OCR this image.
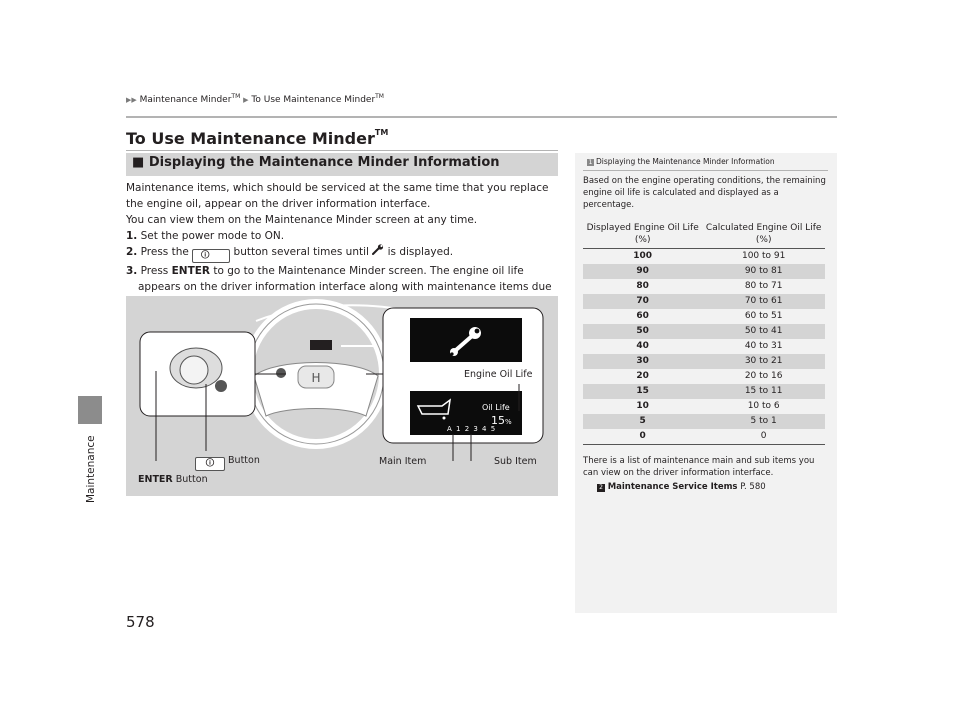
Maintenance
▶▶ Maintenance Minder™ ▶ To Use Maintenance Minder™
To Use Maintenance Minder™
■ Displaying the Maintenance Minder Information

Maintenance items, which should be serviced at the same time that you replace the engine oil, appear on the driver information interface.

You can view them on the Maintenance Minder screen at any time.

1. Set the power mode to ON.

2. Press the 🛈 button several times until is displayed.

3. Press ENTER to go to the Maintenance Minder screen. The engine oil life appears on the driver information interface along with maintenance items due

H
Oil Life
15%
A 1 2 3 4 5
Engine Oil Life
🛈 Button
ENTER Button
Main Item	Sub Item
1 Displaying the Maintenance Minder Information
Based on the engine operating conditions, the remaining engine oil life is calculated and displayed as a percentage.
Displayed Engine Oil Life (%)	Calculated Engine Oil Life (%)
100	100 to 91
90	90 to 81
80	80 to 71
70	70 to 61
60	60 to 51
50	50 to 41
40	40 to 31
30	30 to 21
20	20 to 16
15	15 to 11
10	10 to 6
5	5 to 1
0	0
There is a list of maintenance main and sub items you can view on the driver information interface.
2 Maintenance Service Items P. 580
578
